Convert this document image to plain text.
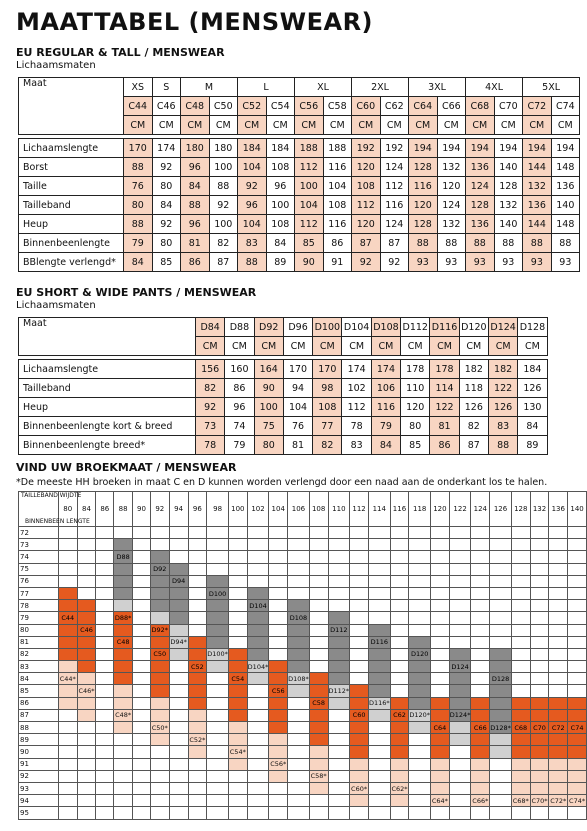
MAATTABEL (MENSWEAR)
EU REGULAR & TALL / MENSWEAR
Lichaamsmaten
Maat	XS	S	M		L		XL		2XL		3XL		4XL		5XL	
	C44	C46	C48	C50	C52	C54	C56	C58	C60	C62	C64	C66	C68	C70	C72	C74
	CM	CM	CM	CM	CM	CM	CM	CM	CM	CM	CM	CM	CM	CM	CM	CM

Lichaamslengte	170	174	180	180	184	184	188	188	192	192	194	194	194	194	194	194
Borst	88	92	96	100	104	108	112	116	120	124	128	132	136	140	144	148
Taille	76	80	84	88	92	96	100	104	108	112	116	120	124	128	132	136
Tailleband	80	84	88	92	96	100	104	108	112	116	120	124	128	132	136	140
Heup	88	92	96	100	104	108	112	116	120	124	128	132	136	140	144	148
Binnenbeenlengte	79	80	81	82	83	84	85	86	87	87	88	88	88	88	88	88
BBlengte verlengd*	84	85	86	87	88	89	90	91	92	92	93	93	93	93	93	93
EU SHORT & WIDE PANTS / MENSWEAR
Lichaamsmaten
Maat	D84	D88	D92	D96	D100	D104	D108	D112	D116	D120	D124	D128
	CM	CM	CM	CM	CM	CM	CM	CM	CM	CM	CM	CM

Lichaamslengte	156	160	164	170	170	174	174	178	178	182	182	184
Tailleband	82	86	90	94	98	102	106	110	114	118	122	126
Heup	92	96	100	104	108	112	116	120	122	126	126	130
Binnenbeenlengte kort & breed	73	74	75	76	77	78	79	80	81	82	83	84
Binnenbeenlengte breed*	78	79	80	81	82	83	84	85	86	87	88	89
VIND UW BROEKMAAT / MENSWEAR
*De meeste HH broeken in maat C en D kunnen worden verlengd door een naad aan de onderkant los te halen.
TAILLEBAND WIJDTE
BINNENBEEN LENGTE	80	84	86	88	90	92	94	96	98	100	102	104	106	108	110	112	114	116	118	120	122	124	126	128	132	136	140
72																											
73																											
74				D88																							
75						D92																					
76							D94																				
77									D100																		
78											D104																
79	C44			D88*									D108														
80		C46				D92*									D112												
81				C48			D94*										D116										
82						C50			D100*										D120								
83								C52			D104*										D124						
84	C44*									C54			D108*										D128				
85		C46*										C56			D112*												
86														C58			D116*										
87				C48*												C60		C62	D120*		D124*						
88						C50*														C64		C66	D128*	C68	C70	C72	C74
89								C52*																			
90										C54*																	
91												C56*															
92														C58*													
93																C60*		C62*									
94																				C64*		C66*		C68*	C70*	C72*	C74*
95																											
